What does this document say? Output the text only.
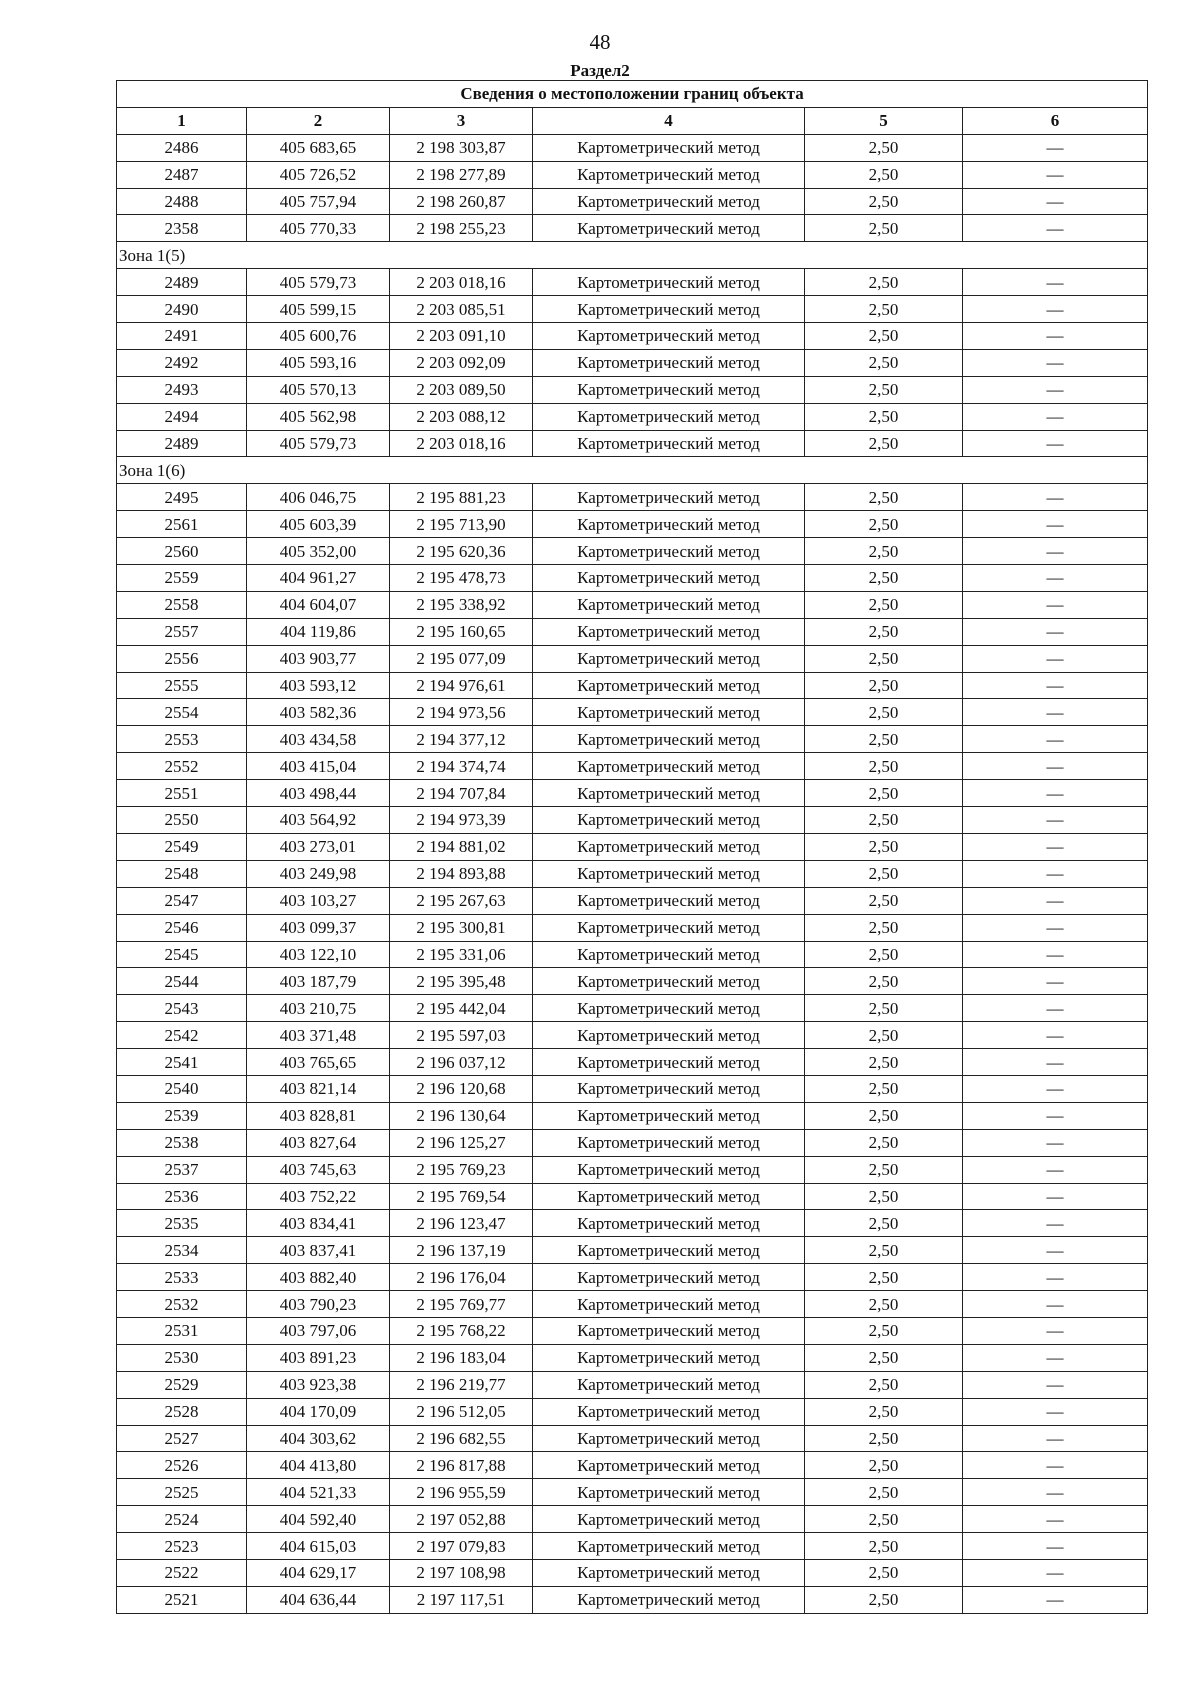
48
Раздел2
Сведения о местоположении границ объекта					
1	2	3	4	5	6
2486	405 683,65	2 198 303,87	Картометрический метод	2,50	—
2487	405 726,52	2 198 277,89	Картометрический метод	2,50	—
2488	405 757,94	2 198 260,87	Картометрический метод	2,50	—
2358	405 770,33	2 198 255,23	Картометрический метод	2,50	—
Зона 1(5)					
2489	405 579,73	2 203 018,16	Картометрический метод	2,50	—
2490	405 599,15	2 203 085,51	Картометрический метод	2,50	—
2491	405 600,76	2 203 091,10	Картометрический метод	2,50	—
2492	405 593,16	2 203 092,09	Картометрический метод	2,50	—
2493	405 570,13	2 203 089,50	Картометрический метод	2,50	—
2494	405 562,98	2 203 088,12	Картометрический метод	2,50	—
2489	405 579,73	2 203 018,16	Картометрический метод	2,50	—
Зона 1(6)					
2495	406 046,75	2 195 881,23	Картометрический метод	2,50	—
2561	405 603,39	2 195 713,90	Картометрический метод	2,50	—
2560	405 352,00	2 195 620,36	Картометрический метод	2,50	—
2559	404 961,27	2 195 478,73	Картометрический метод	2,50	—
2558	404 604,07	2 195 338,92	Картометрический метод	2,50	—
2557	404 119,86	2 195 160,65	Картометрический метод	2,50	—
2556	403 903,77	2 195 077,09	Картометрический метод	2,50	—
2555	403 593,12	2 194 976,61	Картометрический метод	2,50	—
2554	403 582,36	2 194 973,56	Картометрический метод	2,50	—
2553	403 434,58	2 194 377,12	Картометрический метод	2,50	—
2552	403 415,04	2 194 374,74	Картометрический метод	2,50	—
2551	403 498,44	2 194 707,84	Картометрический метод	2,50	—
2550	403 564,92	2 194 973,39	Картометрический метод	2,50	—
2549	403 273,01	2 194 881,02	Картометрический метод	2,50	—
2548	403 249,98	2 194 893,88	Картометрический метод	2,50	—
2547	403 103,27	2 195 267,63	Картометрический метод	2,50	—
2546	403 099,37	2 195 300,81	Картометрический метод	2,50	—
2545	403 122,10	2 195 331,06	Картометрический метод	2,50	—
2544	403 187,79	2 195 395,48	Картометрический метод	2,50	—
2543	403 210,75	2 195 442,04	Картометрический метод	2,50	—
2542	403 371,48	2 195 597,03	Картометрический метод	2,50	—
2541	403 765,65	2 196 037,12	Картометрический метод	2,50	—
2540	403 821,14	2 196 120,68	Картометрический метод	2,50	—
2539	403 828,81	2 196 130,64	Картометрический метод	2,50	—
2538	403 827,64	2 196 125,27	Картометрический метод	2,50	—
2537	403 745,63	2 195 769,23	Картометрический метод	2,50	—
2536	403 752,22	2 195 769,54	Картометрический метод	2,50	—
2535	403 834,41	2 196 123,47	Картометрический метод	2,50	—
2534	403 837,41	2 196 137,19	Картометрический метод	2,50	—
2533	403 882,40	2 196 176,04	Картометрический метод	2,50	—
2532	403 790,23	2 195 769,77	Картометрический метод	2,50	—
2531	403 797,06	2 195 768,22	Картометрический метод	2,50	—
2530	403 891,23	2 196 183,04	Картометрический метод	2,50	—
2529	403 923,38	2 196 219,77	Картометрический метод	2,50	—
2528	404 170,09	2 196 512,05	Картометрический метод	2,50	—
2527	404 303,62	2 196 682,55	Картометрический метод	2,50	—
2526	404 413,80	2 196 817,88	Картометрический метод	2,50	—
2525	404 521,33	2 196 955,59	Картометрический метод	2,50	—
2524	404 592,40	2 197 052,88	Картометрический метод	2,50	—
2523	404 615,03	2 197 079,83	Картометрический метод	2,50	—
2522	404 629,17	2 197 108,98	Картометрический метод	2,50	—
2521	404 636,44	2 197 117,51	Картометрический метод	2,50	—
